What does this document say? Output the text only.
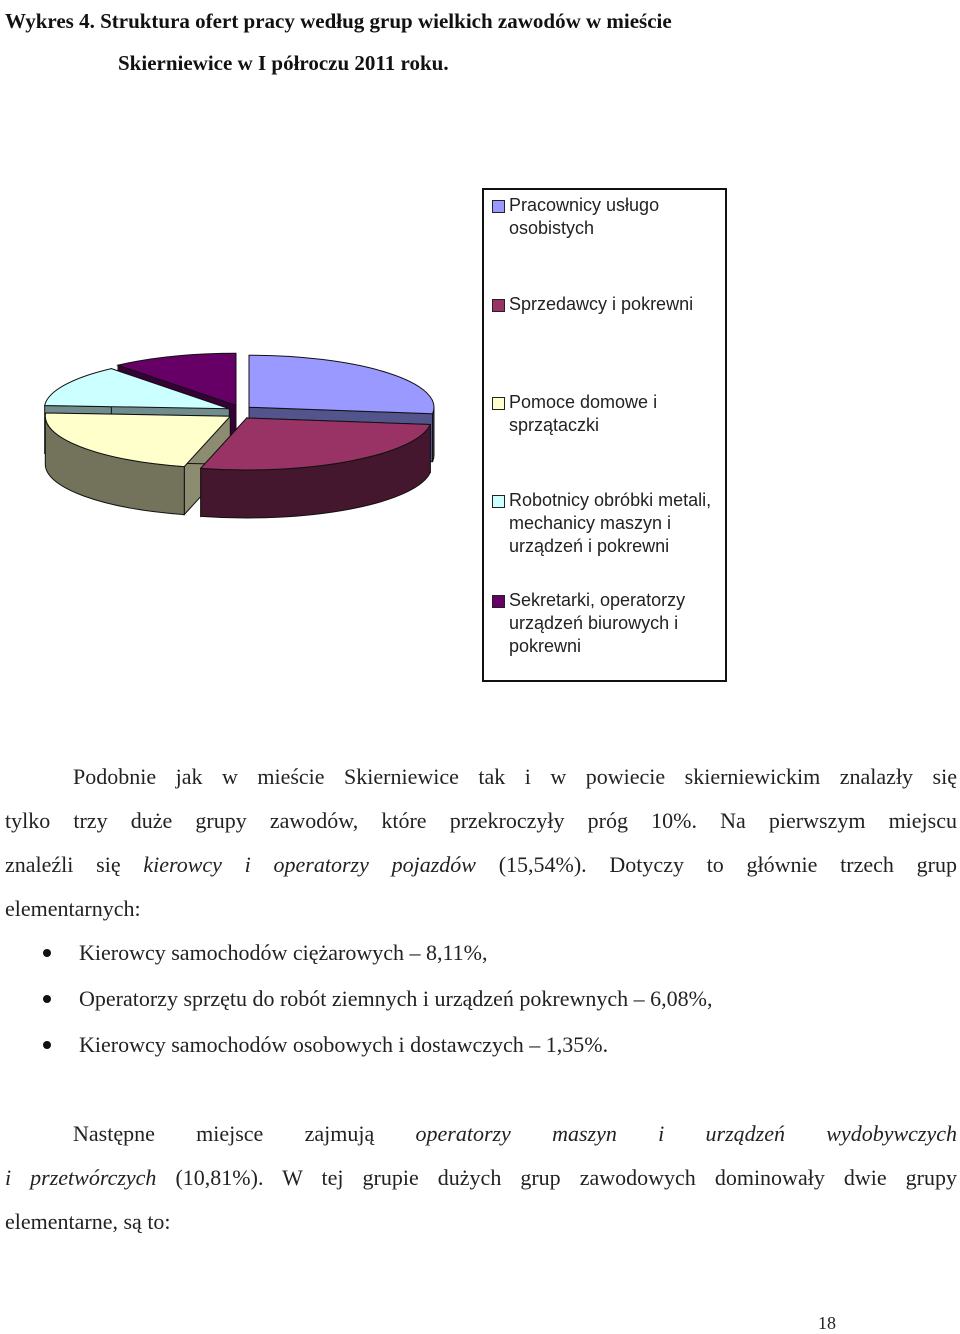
Wykres 4. Struktura ofert pracy według grup wielkich zawodów w mieście
Skierniewice w I półroczu 2011 roku.
Pracownicy usługo osobistych
Sprzedawcy i pokrewni
Pomoce domowe i sprzątaczki
Robotnicy obróbki metali, mechanicy maszyn i urządzeń i pokrewni
Sekretarki, operatorzy urządzeń biurowych i pokrewni
Podobnie jak w mieście Skierniewice tak i w powiecie skierniewickim znalazły się
tylko trzy duże grupy zawodów, które przekroczyły próg 10%. Na pierwszym miejscu
znaleźli się kierowcy i operatorzy pojazdów (15,54%). Dotyczy to głównie trzech grup
elementarnych:
Kierowcy samochodów ciężarowych – 8,11%,
Operatorzy sprzętu do robót ziemnych i urządzeń pokrewnych – 6,08%,
Kierowcy samochodów osobowych i dostawczych – 1,35%.
Następne miejsce zajmują operatorzy maszyn i urządzeń wydobywczych
i przetwórczych (10,81%). W tej grupie dużych grup zawodowych dominowały dwie grupy
elementarne, są to:
18
